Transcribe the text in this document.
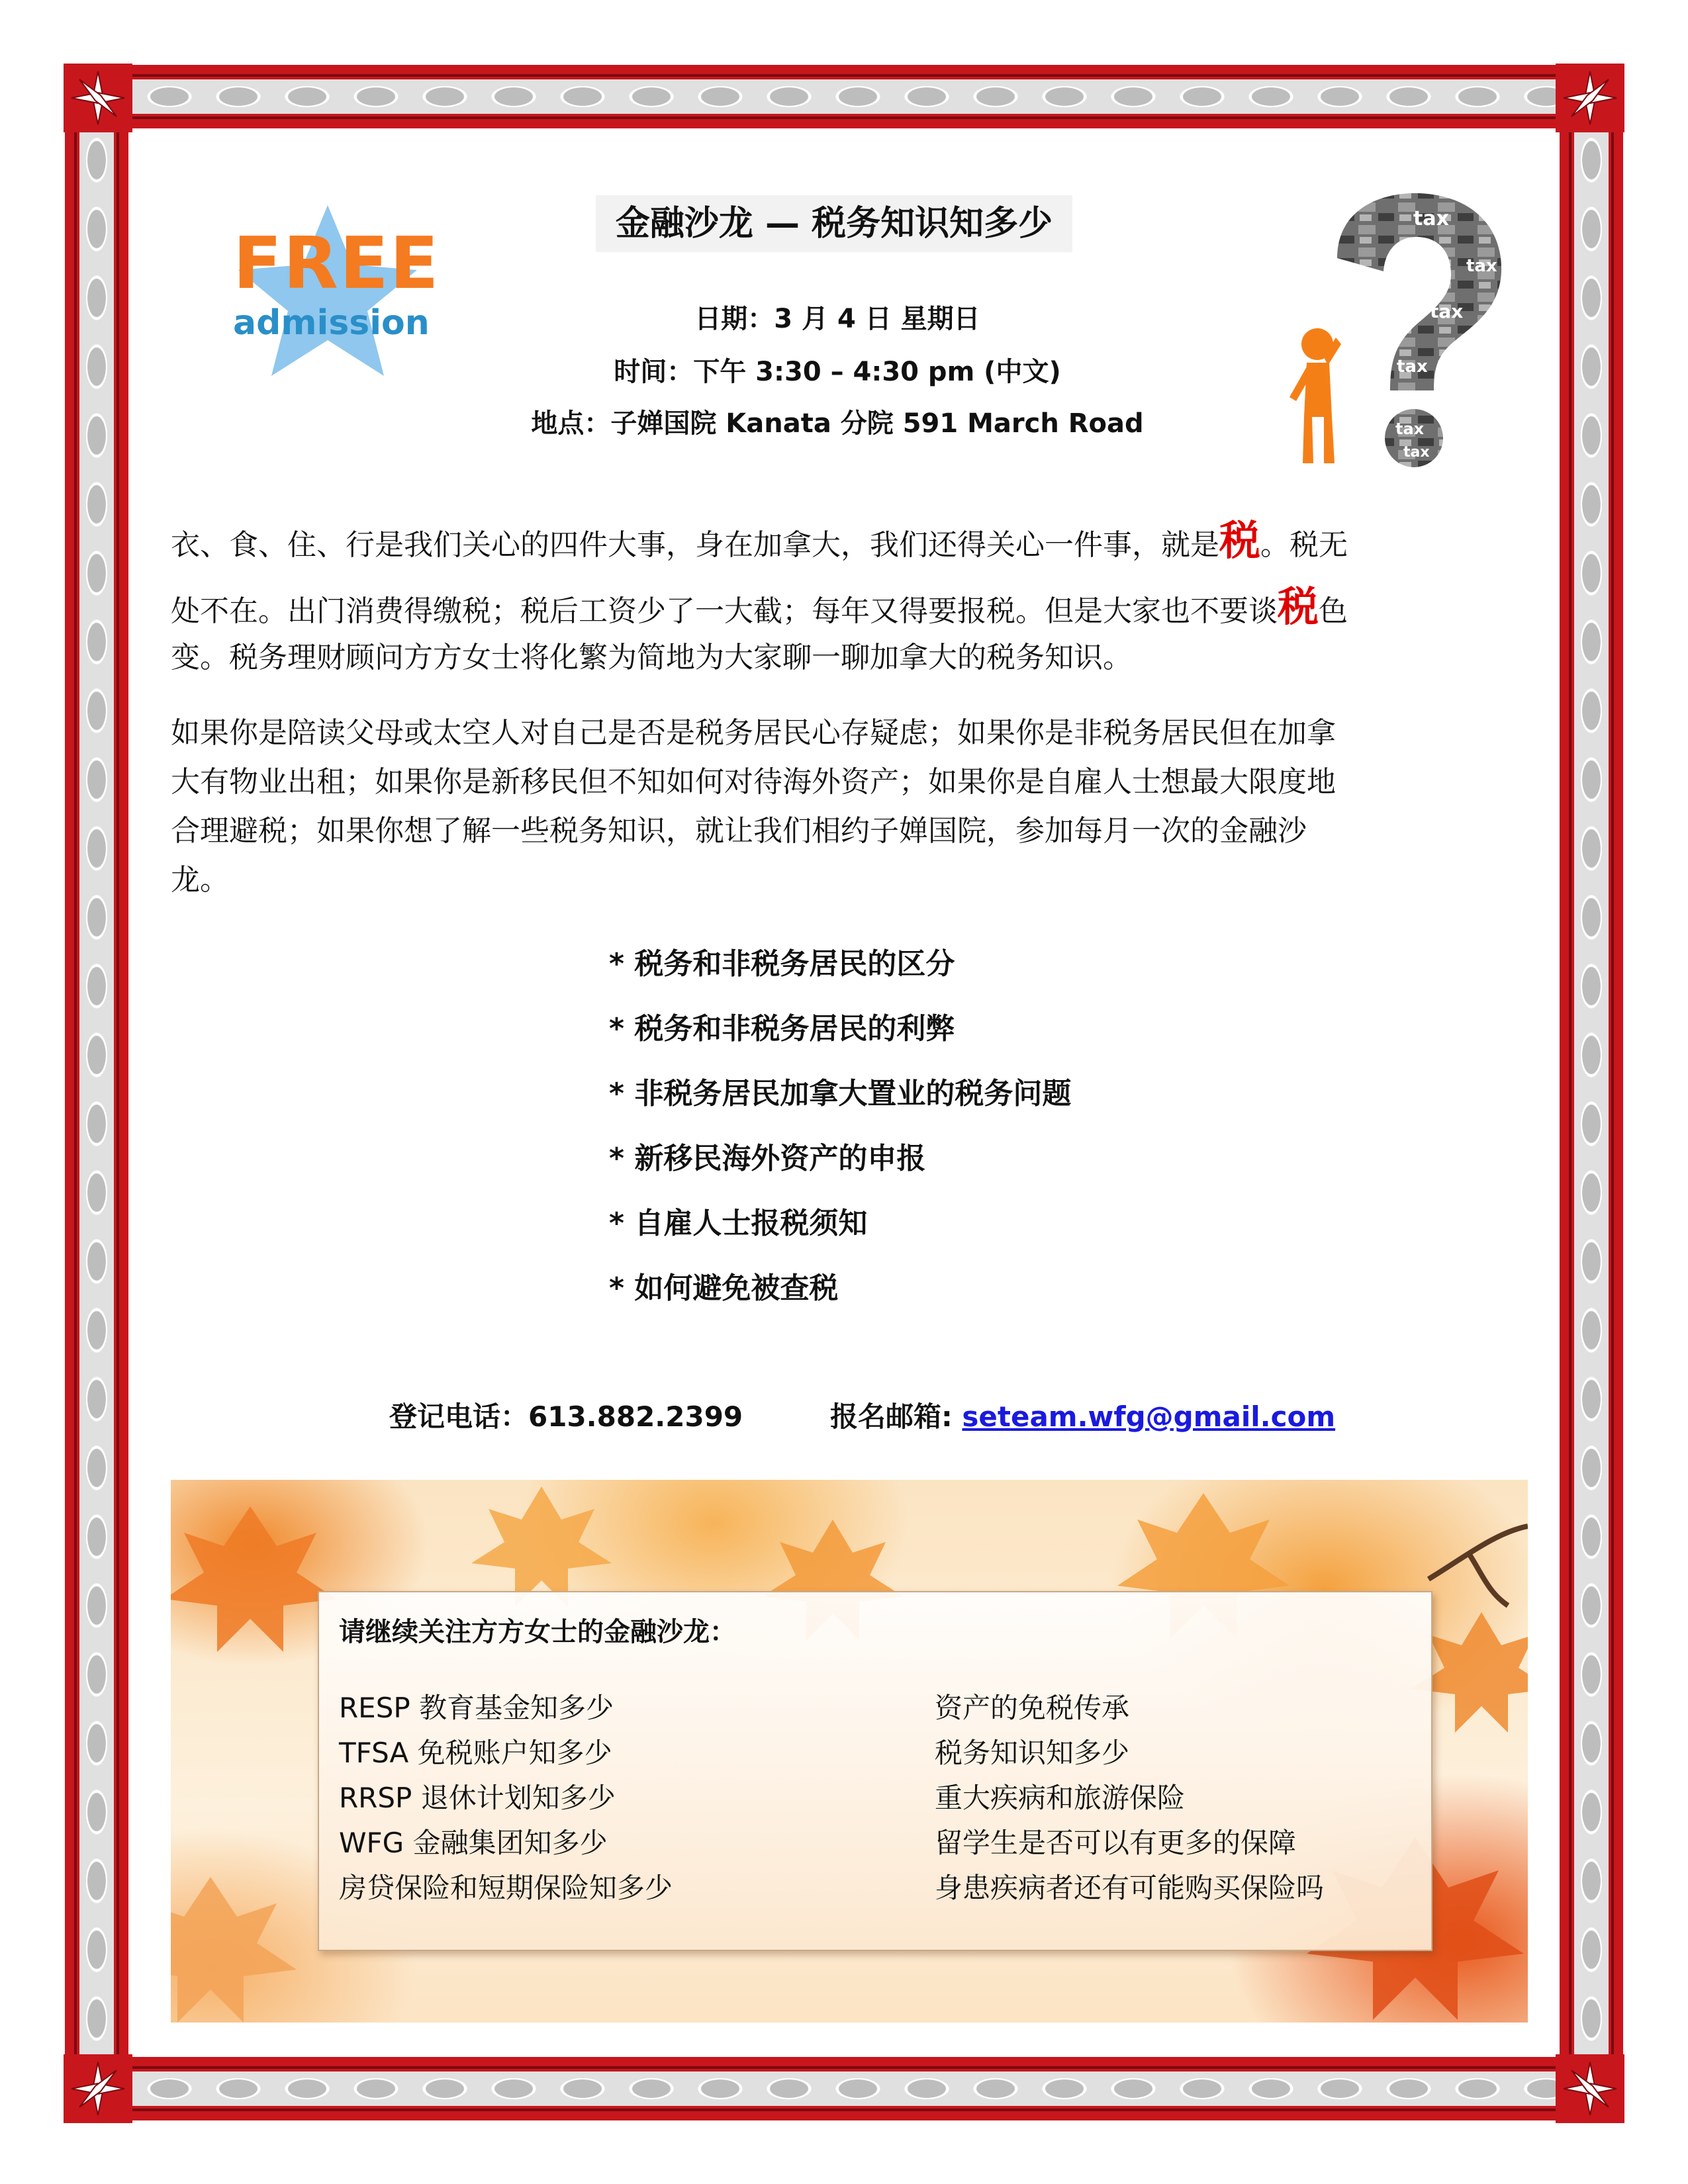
FREE
admission
金融沙龙 — 税务知识知多少
日期：3 月 4 日 星期日
时间：下午 3:30 – 4:30 pm (中文)
地点：子婵国院 Kanata 分院 591 March Road
tax
tax
tax
tax
tax
tax
衣、食、住、行是我们关心的四件大事，身在加拿大，我们还得关心一件事，就是税。税无
处不在。出门消费得缴税；税后工资少了一大截；每年又得要报税。但是大家也不要谈税色
变。税务理财顾问方方女士将化繁为简地为大家聊一聊加拿大的税务知识。
如果你是陪读父母或太空人对自己是否是税务居民心存疑虑；如果你是非税务居民但在加拿
大有物业出租；如果你是新移民但不知如何对待海外资产；如果你是自雇人士想最大限度地
合理避税；如果你想了解一些税务知识，就让我们相约子婵国院，参加每月一次的金融沙
龙。
* 税务和非税务居民的区分
* 税务和非税务居民的利弊
* 非税务居民加拿大置业的税务问题
* 新移民海外资产的申报
* 自雇人士报税须知
* 如何避免被查税
登记电话：613.882.2399	报名邮箱: seteam.wfg@gmail.com
请继续关注方方女士的金融沙龙：
RESP 教育基金知多少
TFSA 免税账户知多少
RRSP 退休计划知多少
WFG 金融集团知多少
房贷保险和短期保险知多少
资产的免税传承
税务知识知多少
重大疾病和旅游保险
留学生是否可以有更多的保障
身患疾病者还有可能购买保险吗
